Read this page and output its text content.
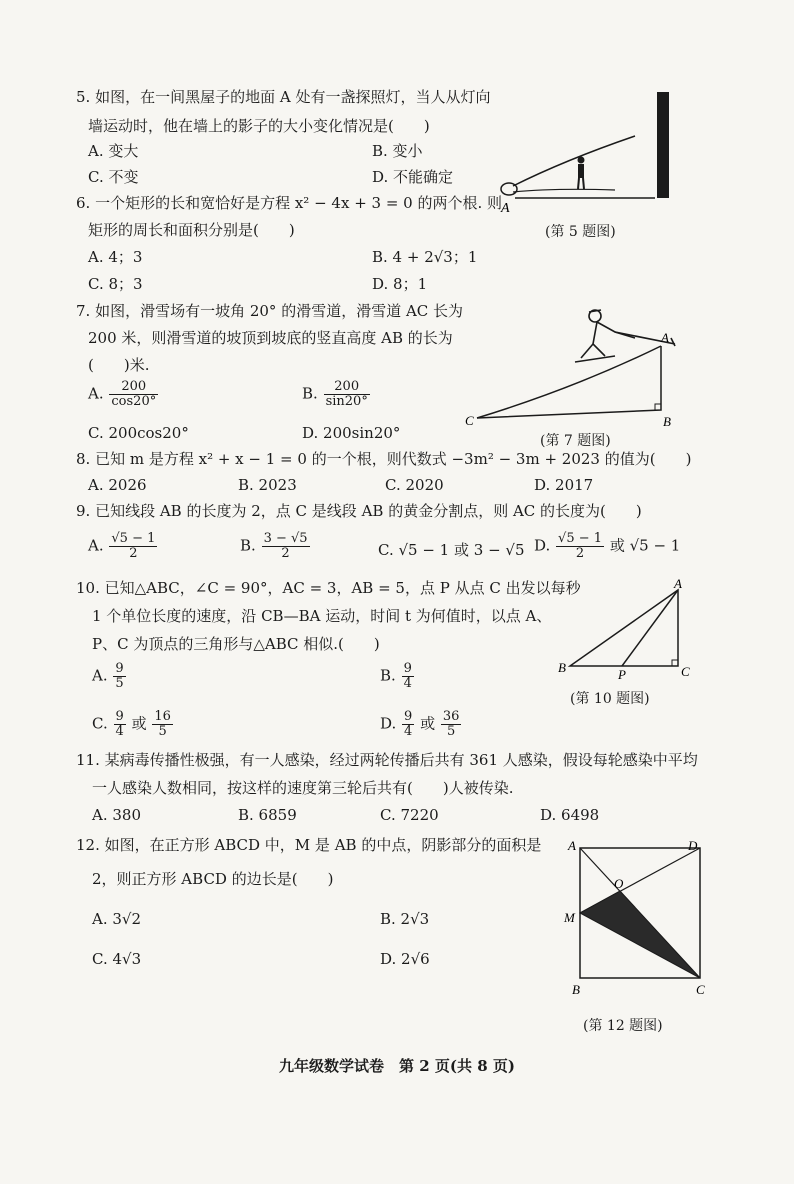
5. 如图，在一间黑屋子的地面 A 处有一盏探照灯，当人从灯向
墙运动时，他在墙上的影子的大小变化情况是(　　)
A. 变大	B. 变小
C. 不变	D. 不能确定
A
(第 5 题图)
6. 一个矩形的长和宽恰好是方程 x² − 4x + 3 = 0 的两个根. 则
矩形的周长和面积分别是(　　)
A. 4；3	B. 4 + 2√3；1
C. 8；3	D. 8；1
7. 如图，滑雪场有一坡角 20° 的滑雪道，滑雪道 AC 长为
200 米，则滑雪道的坡顶到坡底的竖直高度 AB 的长为
(　　)米.
A. $\frac{200}{\cos 20^\circ}$	B. $\frac{200}{\sin 20^\circ}$
C. 200cos20°	D. 200sin20°
A
B
C
(第 7 题图)
8. 已知 m 是方程 x² + x − 1 = 0 的一个根，则代数式 −3m² − 3m + 2023 的值为(　　)
A. 2026	B. 2023	C. 2020	D. 2017
9. 已知线段 AB 的长度为 2，点 C 是线段 AB 的黄金分割点，则 AC 的长度为(　　)
A. $\frac{√5 - 1}{2}$	B. $\frac{3 - √5}{2}$	C. √5 − 1 或 3 − √5 D. $\frac{√5 - 1}{2}$ 或 √5 − 1
10. 已知△ABC，∠C = 90°，AC = 3，AB = 5，点 P 从点 C 出发以每秒
1 个单位长度的速度，沿 CB—BA 运动，时间 t 为何值时，以点 A、
P、C 为顶点的三角形与△ABC 相似.(　　)
A. $\frac{9}{5}$	B. $\frac{9}{4}$
C. $\frac{9}{4}$ 或 $\frac{16}{5}$	D. $\frac{9}{4}$ 或 $\frac{36}{5}$
A
B	C
P
(第 10 题图)
11. 某病毒传播性极强，有一人感染，经过两轮传播后共有 361 人感染，假设每轮感染中平均
一人感染人数相同，按这样的速度第三轮后共有(　　)人被传染.
A. 380	B. 6859	C. 7220	D. 6498
12. 如图，在正方形 ABCD 中，M 是 AB 的中点，阴影部分的面积是
2，则正方形 ABCD 的边长是(　　)
A. 3√2	B. 2√3
C. 4√3	D. 2√6
A	D
M
O
B	C
(第 12 题图)
九年级数学试卷　第 2 页(共 8 页)
